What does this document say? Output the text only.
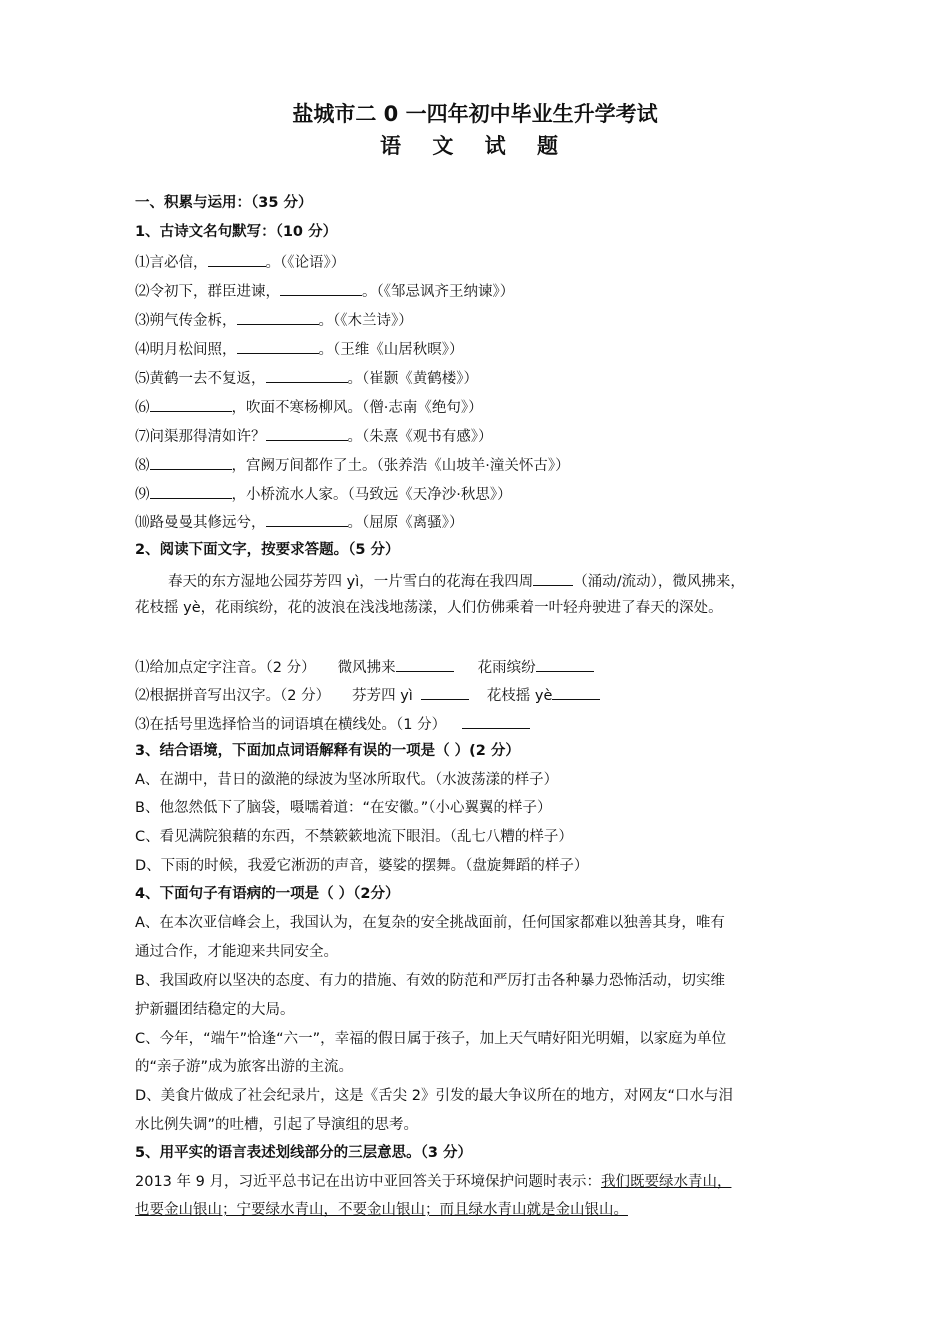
盐城市二 0 一四年初中毕业生升学考试
语 文 试 题
一、积累与运用：（35 分）
1、古诗文名句默写：（10 分）
⑴言必信，	。（《论语》）
⑵令初下，群臣进谏，	。（《邹忌讽齐王纳谏》）
⑶朔气传金柝，	。（《木兰诗》）
⑷明月松间照，	。（王维《山居秋暝》）
⑸黄鹤一去不复返，	。（崔颢《黄鹤楼》）
⑹	，吹面不寒杨柳风。（僧·志南《绝句》）
⑺问渠那得清如许？	。（朱熹《观书有感》）
⑻	，宫阙万间都作了土。（张养浩《山坡羊·潼关怀古》）
⑼	，小桥流水人家。（马致远《天净沙·秋思》）
⑽路曼曼其修远兮，	。（屈原《离骚》）
2、阅读下面文字，按要求答题。（5 分）
春天的东方湿地公园芬芳四 yì，一片雪白的花海在我四周	（涌动/流动），微风拂来，
花枝摇 yè，花雨缤纷，花的波浪在浅浅地荡漾，人们仿佛乘着一叶轻舟驶进了春天的深处。
⑴给加点定字注音。（2 分） 微风拂来	花雨缤纷
⑵根据拼音写出汉字。（2 分） 芬芳四 yì	花枝摇 yè
⑶在括号里选择恰当的词语填在横线处。（1 分）
3、结合语境，下面加点词语解释有误的一项是（ ）(2 分）
A、在湖中，昔日的潋滟的绿波为坚冰所取代。（水波荡漾的样子）
B、他忽然低下了脑袋，嗫嚅着道：“在安徽。”（小心翼翼的样子）
C、看见满院狼藉的东西，不禁簌簌地流下眼泪。（乱七八糟的样子）
D、下雨的时候，我爱它淅沥的声音，婆娑的摆舞。（盘旋舞蹈的样子）
4、下面句子有语病的一项是（ ）（2分）
A、在本次亚信峰会上，我国认为，在复杂的安全挑战面前，任何国家都难以独善其身，唯有
通过合作，才能迎来共同安全。
B、我国政府以坚决的态度、有力的措施、有效的防范和严厉打击各种暴力恐怖活动，切实维
护新疆团结稳定的大局。
C、今年，“端午”恰逢“六一”，幸福的假日属于孩子，加上天气晴好阳光明媚，以家庭为单位
的“亲子游”成为旅客出游的主流。
D、美食片做成了社会纪录片，这是《舌尖 2》引发的最大争议所在的地方，对网友“口水与泪
水比例失调”的吐槽，引起了导演组的思考。
5、用平实的语言表述划线部分的三层意思。（3 分）
2013 年 9 月，习近平总书记在出访中亚回答关于环境保护问题时表示：我们既要绿水青山，
也要金山银山；宁要绿水青山，不要金山银山；而且绿水青山就是金山银山。
